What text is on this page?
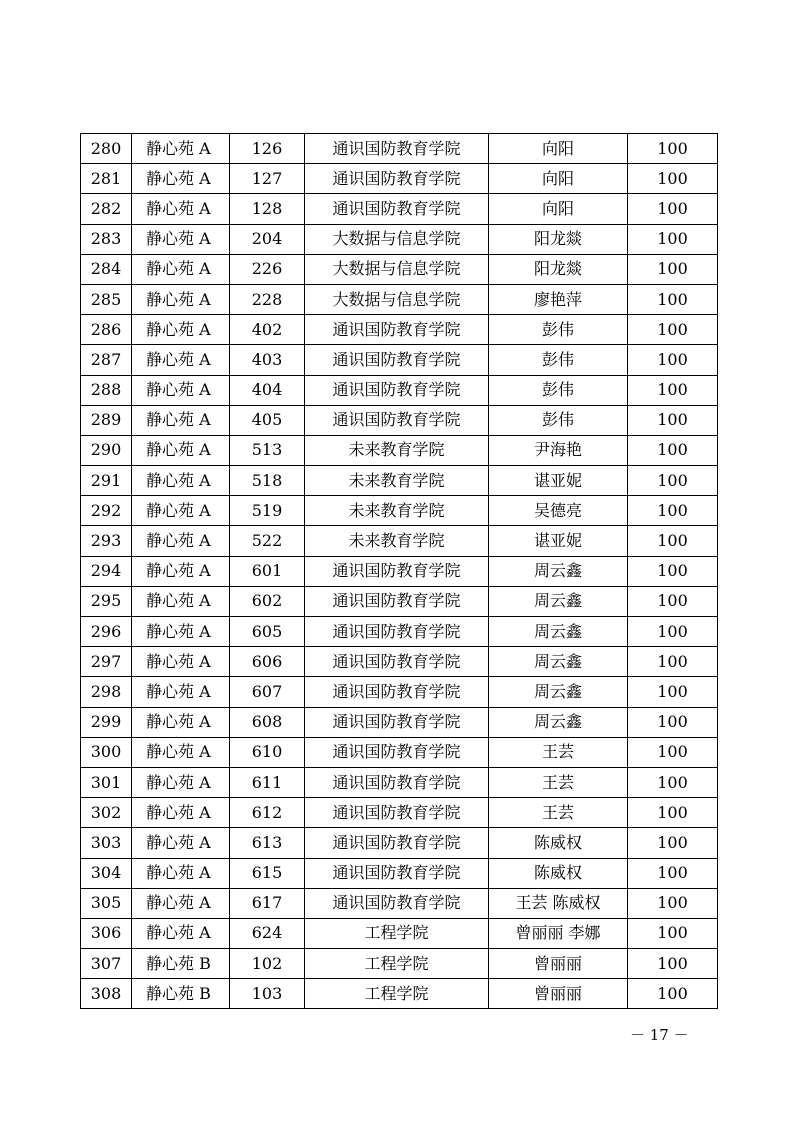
280	静心苑 A	126	通识国防教育学院	向阳	100
281	静心苑 A	127	通识国防教育学院	向阳	100
282	静心苑 A	128	通识国防教育学院	向阳	100
283	静心苑 A	204	大数据与信息学院	阳龙燚	100
284	静心苑 A	226	大数据与信息学院	阳龙燚	100
285	静心苑 A	228	大数据与信息学院	廖艳萍	100
286	静心苑 A	402	通识国防教育学院	彭伟	100
287	静心苑 A	403	通识国防教育学院	彭伟	100
288	静心苑 A	404	通识国防教育学院	彭伟	100
289	静心苑 A	405	通识国防教育学院	彭伟	100
290	静心苑 A	513	未来教育学院	尹海艳	100
291	静心苑 A	518	未来教育学院	谌亚妮	100
292	静心苑 A	519	未来教育学院	吴德亮	100
293	静心苑 A	522	未来教育学院	谌亚妮	100
294	静心苑 A	601	通识国防教育学院	周云鑫	100
295	静心苑 A	602	通识国防教育学院	周云鑫	100
296	静心苑 A	605	通识国防教育学院	周云鑫	100
297	静心苑 A	606	通识国防教育学院	周云鑫	100
298	静心苑 A	607	通识国防教育学院	周云鑫	100
299	静心苑 A	608	通识国防教育学院	周云鑫	100
300	静心苑 A	610	通识国防教育学院	王芸	100
301	静心苑 A	611	通识国防教育学院	王芸	100
302	静心苑 A	612	通识国防教育学院	王芸	100
303	静心苑 A	613	通识国防教育学院	陈威权	100
304	静心苑 A	615	通识国防教育学院	陈威权	100
305	静心苑 A	617	通识国防教育学院	王芸 陈威权	100
306	静心苑 A	624	工程学院	曾丽丽 李娜	100
307	静心苑 B	102	工程学院	曾丽丽	100
308	静心苑 B	103	工程学院	曾丽丽	100
－ 17 －
